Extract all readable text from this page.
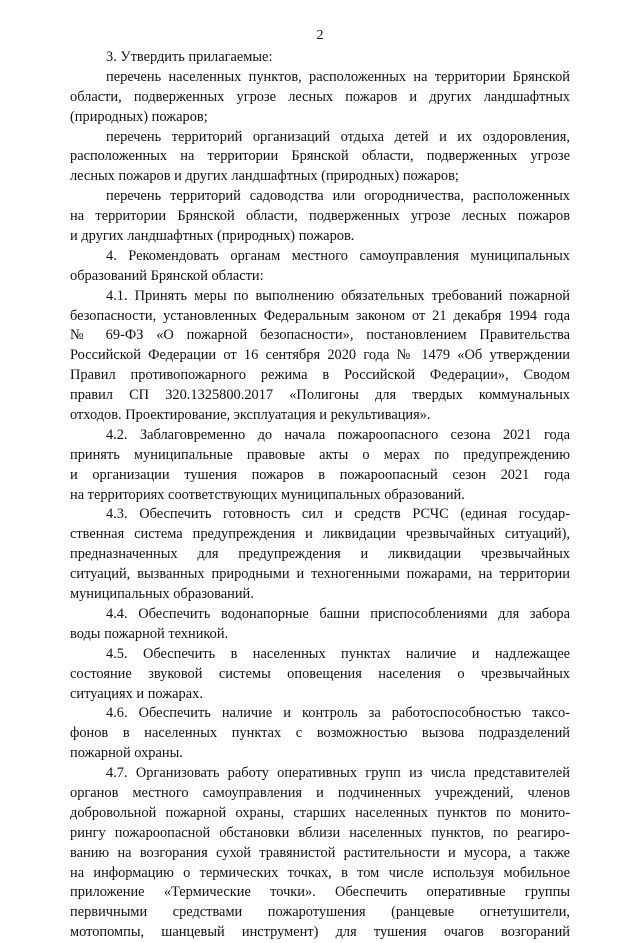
2
3. Утвердить прилагаемые:
перечень населенных пунктов, расположенных на территории Брянской
области, подверженных угрозе лесных пожаров и других ландшафтных
(природных) пожаров;
перечень территорий организаций отдыха детей и их оздоровления,
расположенных на территории Брянской области, подверженных угрозе
лесных пожаров и других ландшафтных (природных) пожаров;
перечень территорий садоводства или огородничества, расположенных
на территории Брянской области, подверженных угрозе лесных пожаров
и других ландшафтных (природных) пожаров.
4. Рекомендовать органам местного самоуправления муниципальных
образований Брянской области:
4.1. Принять меры по выполнению обязательных требований пожарной
безопасности, установленных Федеральным законом от 21 декабря 1994 года
№ 69-ФЗ «О пожарной безопасности», постановлением Правительства
Российской Федерации от 16 сентября 2020 года № 1479 «Об утверждении
Правил противопожарного режима в Российской Федерации», Сводом
правил СП 320.1325800.2017 «Полигоны для твердых коммунальных
отходов. Проектирование, эксплуатация и рекультивация».
4.2. Заблаговременно до начала пожароопасного сезона 2021 года
принять муниципальные правовые акты о мерах по предупреждению
и организации тушения пожаров в пожароопасный сезон 2021 года
на территориях соответствующих муниципальных образований.
4.3. Обеспечить готовность сил и средств РСЧС (единая государ-
ственная система предупреждения и ликвидации чрезвычайных ситуаций),
предназначенных для предупреждения и ликвидации чрезвычайных
ситуаций, вызванных природными и техногенными пожарами, на территории
муниципальных образований.
4.4. Обеспечить водонапорные башни приспособлениями для забора
воды пожарной техникой.
4.5. Обеспечить в населенных пунктах наличие и надлежащее
состояние звуковой системы оповещения населения о чрезвычайных
ситуациях и пожарах.
4.6. Обеспечить наличие и контроль за работоспособностью таксо-
фонов в населенных пунктах с возможностью вызова подразделений
пожарной охраны.
4.7. Организовать работу оперативных групп из числа представителей
органов местного самоуправления и подчиненных учреждений, членов
добровольной пожарной охраны, старших населенных пунктов по монито-
рингу пожароопасной обстановки вблизи населенных пунктов, по реагиро-
ванию на возгорания сухой травянистой растительности и мусора, а также
на информацию о термических точках, в том числе используя мобильное
приложение «Термические точки». Обеспечить оперативные группы
первичными средствами пожаротушения (ранцевые огнетушители,
мотопомпы, шанцевый инструмент) для тушения очагов возгораний
